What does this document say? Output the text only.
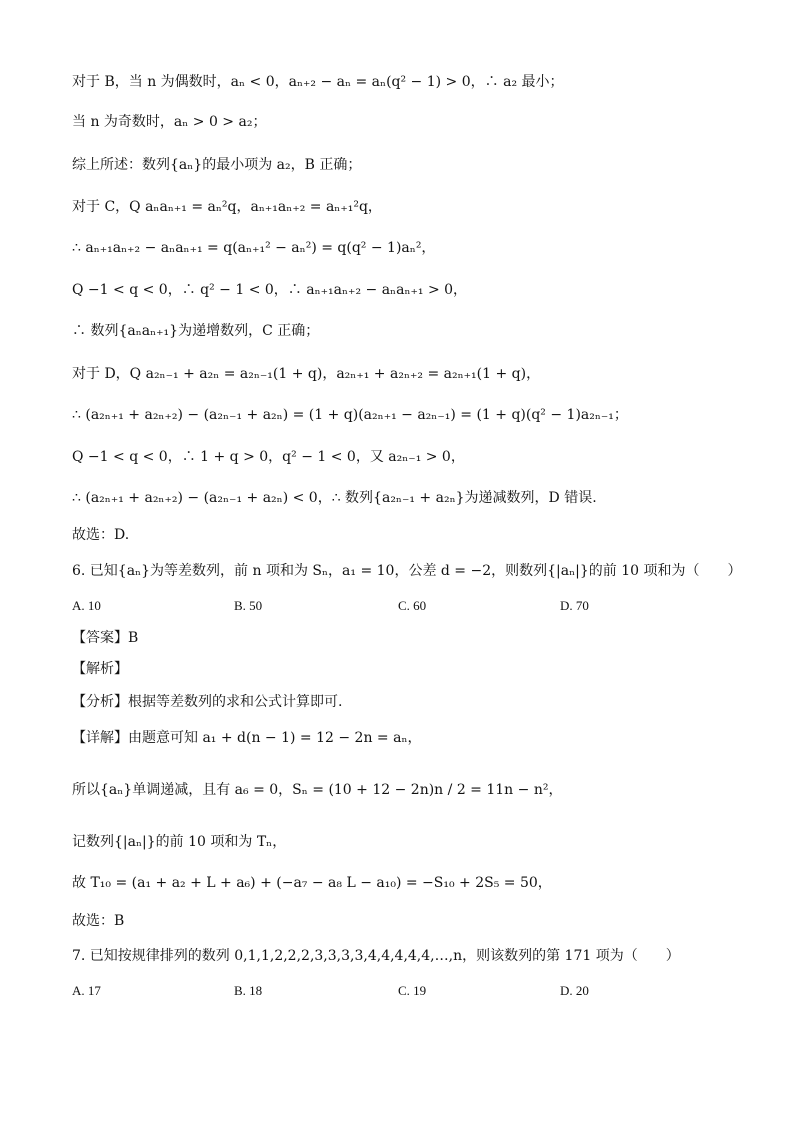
对于 B，当 n 为偶数时，aₙ < 0，aₙ₊₂ − aₙ = aₙ(q² − 1) > 0，∴ a₂ 最小；
当 n 为奇数时，aₙ > 0 > a₂；
综上所述：数列{aₙ}的最小项为 a₂，B 正确；
对于 C，Q aₙaₙ₊₁ = aₙ²q，aₙ₊₁aₙ₊₂ = aₙ₊₁²q，
∴ aₙ₊₁aₙ₊₂ − aₙaₙ₊₁ = q(aₙ₊₁² − aₙ²) = q(q² − 1)aₙ²，
Q −1 < q < 0，∴ q² − 1 < 0，∴ aₙ₊₁aₙ₊₂ − aₙaₙ₊₁ > 0，
∴ 数列{aₙaₙ₊₁}为递增数列，C 正确；
对于 D，Q a₂ₙ₋₁ + a₂ₙ = a₂ₙ₋₁(1 + q)，a₂ₙ₊₁ + a₂ₙ₊₂ = a₂ₙ₊₁(1 + q)，
∴ (a₂ₙ₊₁ + a₂ₙ₊₂) − (a₂ₙ₋₁ + a₂ₙ) = (1 + q)(a₂ₙ₊₁ − a₂ₙ₋₁) = (1 + q)(q² − 1)a₂ₙ₋₁；
Q −1 < q < 0，∴ 1 + q > 0，q² − 1 < 0，又 a₂ₙ₋₁ > 0，
∴ (a₂ₙ₊₁ + a₂ₙ₊₂) − (a₂ₙ₋₁ + a₂ₙ) < 0，∴ 数列{a₂ₙ₋₁ + a₂ₙ}为递减数列，D 错误.
故选：D.
6. 已知{aₙ}为等差数列，前 n 项和为 Sₙ，a₁ = 10，公差 d = −2，则数列{|aₙ|}的前 10 项和为（　　）
A. 10	B. 50	C. 60	D. 70
【答案】B
【解析】
【分析】根据等差数列的求和公式计算即可.
【详解】由题意可知 a₁ + d(n − 1) = 12 − 2n = aₙ，
所以{aₙ}单调递减，且有 a₆ = 0，Sₙ = (10 + 12 − 2n)n / 2 = 11n − n²，
记数列{|aₙ|}的前 10 项和为 Tₙ，
故 T₁₀ = (a₁ + a₂ + L + a₆) + (−a₇ − a₈ L − a₁₀) = −S₁₀ + 2S₅ = 50，
故选：B
7. 已知按规律排列的数列 0,1,1,2,2,2,3,3,3,3,4,4,4,4,4,…,n，则该数列的第 171 项为（　　）
A. 17	B. 18	C. 19	D. 20
